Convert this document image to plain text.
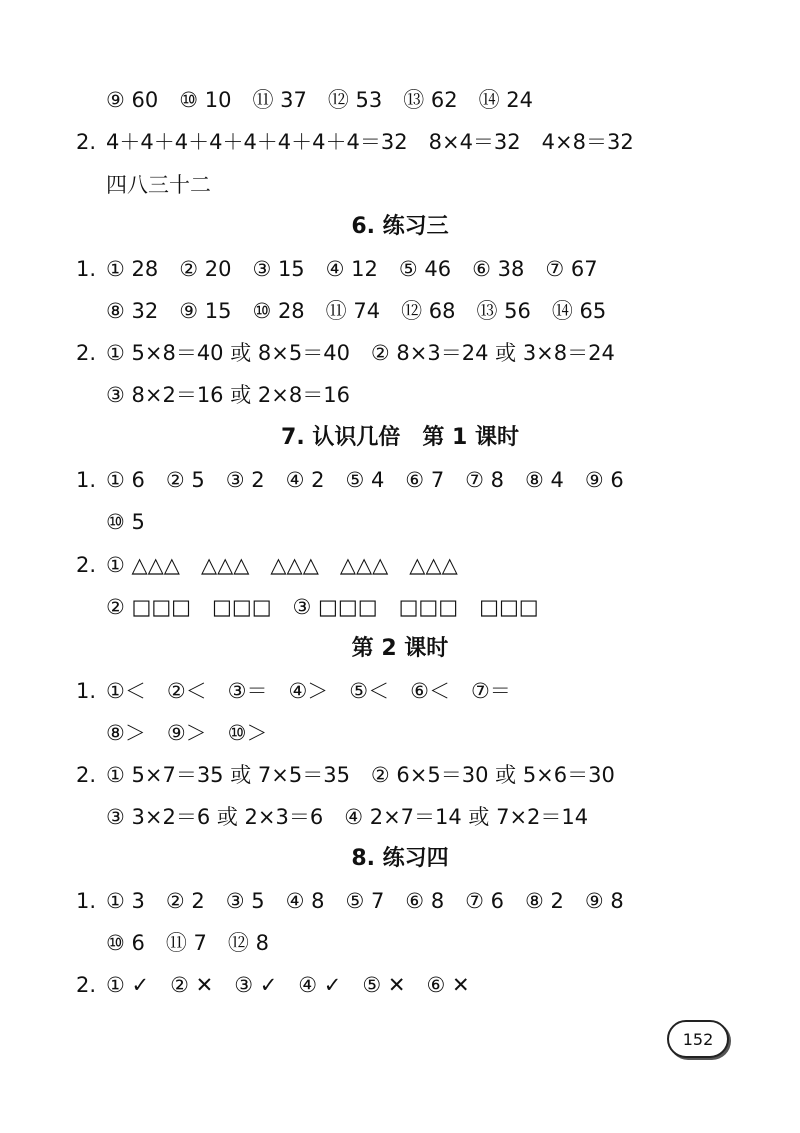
⑨ 60　⑩ 10　⑪ 37　⑫ 53　⑬ 62　⑭ 24
2. 4＋4＋4＋4＋4＋4＋4＋4＝32　8×4＝32　4×8＝32
四八三十二
6. 练习三
1. ① 28　② 20　③ 15　④ 12　⑤ 46　⑥ 38　⑦ 67
⑧ 32　⑨ 15　⑩ 28　⑪ 74　⑫ 68　⑬ 56　⑭ 65
2. ① 5×8＝40 或 8×5＝40　② 8×3＝24 或 3×8＝24
③ 8×2＝16 或 2×8＝16
7. 认识几倍　第 1 课时
1. ① 6　② 5　③ 2　④ 2　⑤ 4　⑥ 7　⑦ 8　⑧ 4　⑨ 6
⑩ 5
2. ① △△△　△△△　△△△　△△△　△△△
② □□□　□□□　③ □□□　□□□　□□□
第 2 课时
1. ①＜　②＜　③＝　④＞　⑤＜　⑥＜　⑦＝
⑧＞　⑨＞　⑩＞
2. ① 5×7＝35 或 7×5＝35　② 6×5＝30 或 5×6＝30
③ 3×2＝6 或 2×3＝6　④ 2×7＝14 或 7×2＝14
8. 练习四
1. ① 3　② 2　③ 5　④ 8　⑤ 7　⑥ 8　⑦ 6　⑧ 2　⑨ 8
⑩ 6　⑪ 7　⑫ 8
2. ① ✓　② ✕　③ ✓　④ ✓　⑤ ✕　⑥ ✕
152
